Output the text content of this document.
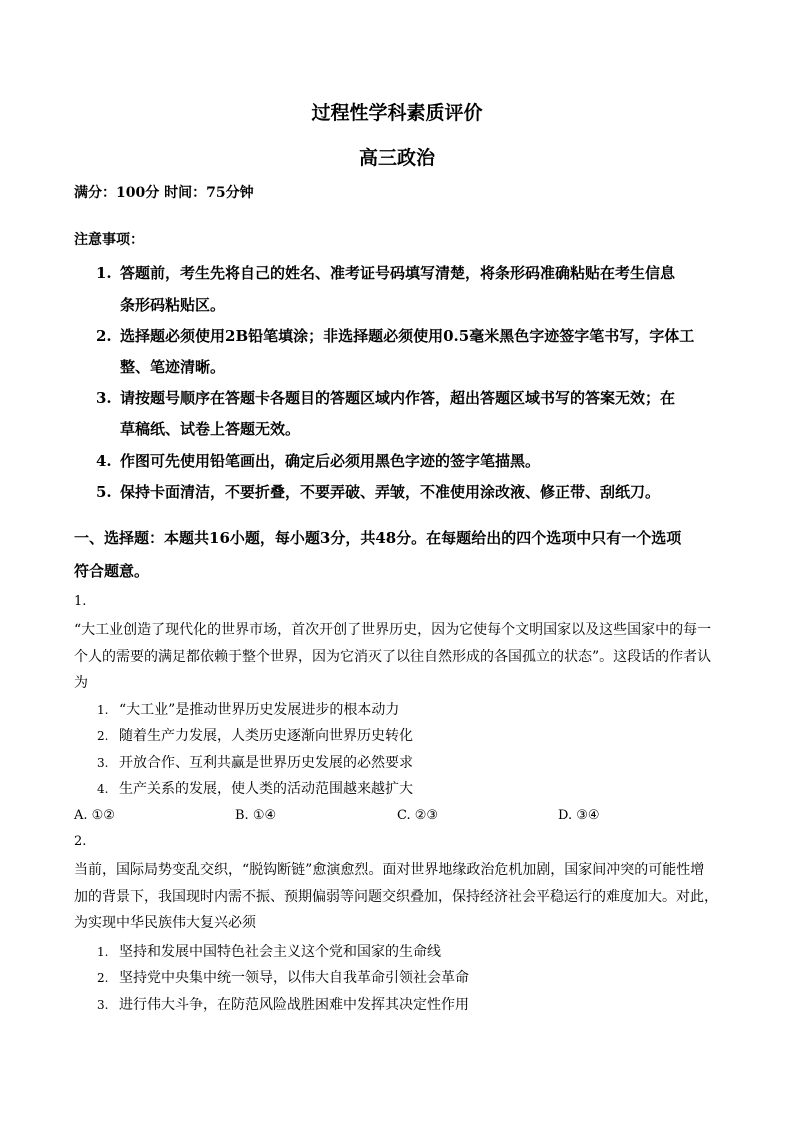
过程性学科素质评价
高三政治
满分：100分 时间：75分钟
注意事项：
1. 答题前，考生先将自己的姓名、准考证号码填写清楚，将条形码准确粘贴在考生信息
条形码粘贴区。
2. 选择题必须使用2B铅笔填涂；非选择题必须使用0.5毫米黑色字迹签字笔书写，字体工
整、笔迹清晰。
3. 请按题号顺序在答题卡各题目的答题区域内作答，超出答题区域书写的答案无效；在
草稿纸、试卷上答题无效。
4. 作图可先使用铅笔画出，确定后必须用黑色字迹的签字笔描黑。
5. 保持卡面清洁，不要折叠，不要弄破、弄皱，不准使用涂改液、修正带、刮纸刀。
一、选择题：本题共16小题，每小题3分，共48分。在每题给出的四个选项中只有一个选项
符合题意。
1.
“大工业创造了现代化的世界市场，首次开创了世界历史，因为它使每个文明国家以及这些国家中的每一
个人的需要的满足都依赖于整个世界，因为它消灭了以往自然形成的各国孤立的状态”。这段话的作者认
为
1. “大工业”是推动世界历史发展进步的根本动力
2. 随着生产力发展，人类历史逐渐向世界历史转化
3. 开放合作、互利共赢是世界历史发展的必然要求
4. 生产关系的发展，使人类的活动范围越来越扩大
A. ①②	B. ①④	C. ②③	D. ③④
2.
当前，国际局势变乱交织，“脱钩断链”愈演愈烈。面对世界地缘政治危机加剧，国家间冲突的可能性增
加的背景下，我国现时内需不振、预期偏弱等问题交织叠加，保持经济社会平稳运行的难度加大。对此，
为实现中华民族伟大复兴必须
1. 坚持和发展中国特色社会主义这个党和国家的生命线
2. 坚持党中央集中统一领导，以伟大自我革命引领社会革命
3. 进行伟大斗争，在防范风险战胜困难中发挥其决定性作用
